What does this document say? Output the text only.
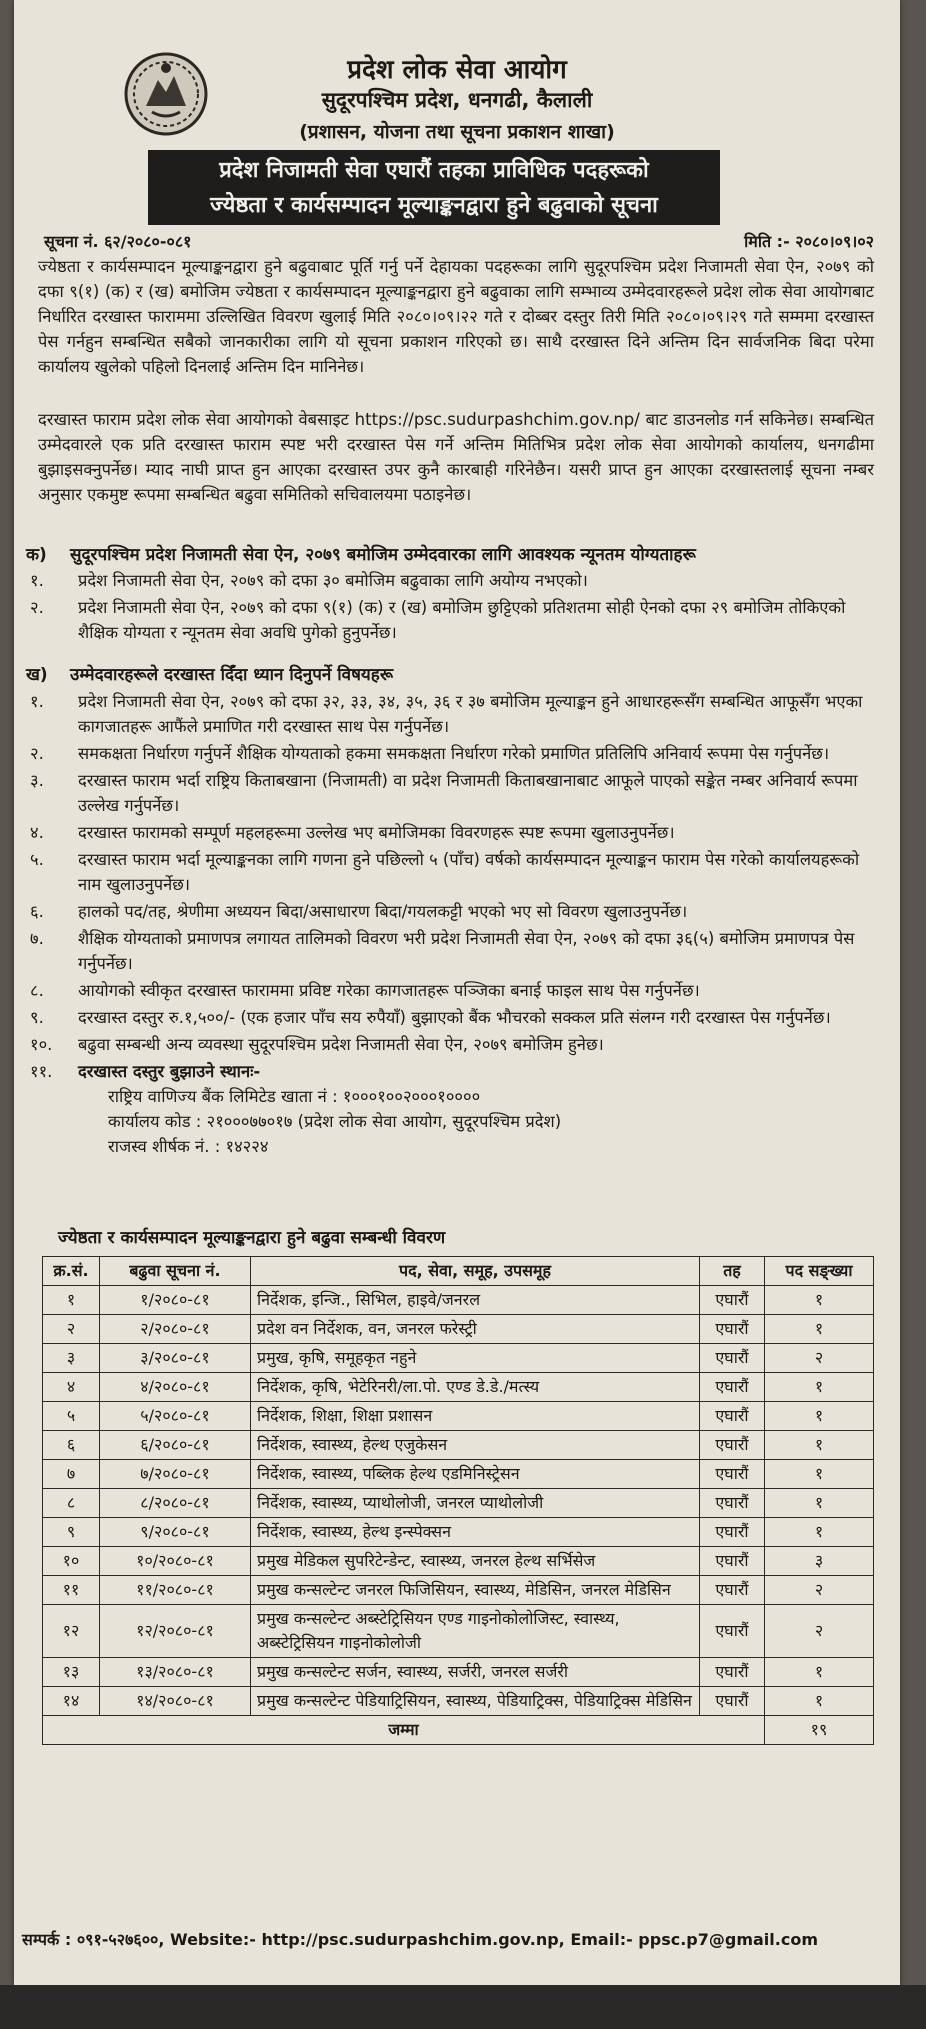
प्रदेश लोक सेवा आयोग
सुदूरपश्चिम प्रदेश, धनगढी, कैलाली
(प्रशासन, योजना तथा सूचना प्रकाशन शाखा)
प्रदेश निजामती सेवा एघारौं तहका प्राविधिक पदहरूको
ज्येष्ठता र कार्यसम्पादन मूल्याङ्कनद्वारा हुने बढुवाको सूचना
सूचना नं. ६२/२०८०-०८१	मिति :- २०८०।०९।०२
ज्येष्ठता र कार्यसम्पादन मूल्याङ्कनद्वारा हुने बढुवाबाट पूर्ति गर्नु पर्ने देहायका पदहरूका लागि सुदूरपश्चिम प्रदेश निजामती सेवा ऐन, २०७९ को दफा ९(१) (क) र (ख) बमोजिम ज्येष्ठता र कार्यसम्पादन मूल्याङ्कनद्वारा हुने बढुवाका लागि सम्भाव्य उम्मेदवारहरूले प्रदेश लोक सेवा आयोगबाट निर्धारित दरखास्त फाराममा उल्लिखित विवरण खुलाई मिति २०८०।०९।२२ गते र दोब्बर दस्तुर तिरी मिति २०८०।०९।२९ गते सम्ममा दरखास्त पेस गर्नहुन सम्बन्धित सबैको जानकारीका लागि यो सूचना प्रकाशन गरिएको छ। साथै दरखास्त दिने अन्तिम दिन सार्वजनिक बिदा परेमा कार्यालय खुलेको पहिलो दिनलाई अन्तिम दिन मानिनेछ।
दरखास्त फाराम प्रदेश लोक सेवा आयोगको वेबसाइट https://psc.sudurpashchim.gov.np/ बाट डाउनलोड गर्न सकिनेछ। सम्बन्धित उम्मेदवारले एक प्रति दरखास्त फाराम स्पष्ट भरी दरखास्त पेस गर्ने अन्तिम मितिभित्र प्रदेश लोक सेवा आयोगको कार्यालय, धनगढीमा बुझाइसक्नुपर्नेछ। म्याद नाघी प्राप्त हुन आएका दरखास्त उपर कुनै कारबाही गरिनेछैन। यसरी प्राप्त हुन आएका दरखास्तलाई सूचना नम्बर अनुसार एकमुष्ट रूपमा सम्बन्धित बढुवा समितिको सचिवालयमा पठाइनेछ।
क) सुदूरपश्चिम प्रदेश निजामती सेवा ऐन, २०७९ बमोजिम उम्मेदवारका लागि आवश्यक न्यूनतम योग्यताहरू
१. प्रदेश निजामती सेवा ऐन, २०७९ को दफा ३० बमोजिम बढुवाका लागि अयोग्य नभएको।
२. प्रदेश निजामती सेवा ऐन, २०७९ को दफा ९(१) (क) र (ख) बमोजिम छुट्टिएको प्रतिशतमा सोही ऐनको दफा २९ बमोजिम तोकिएको शैक्षिक योग्यता र न्यूनतम सेवा अवधि पुगेको हुनुपर्नेछ।
ख) उम्मेदवारहरूले दरखास्त दिँदा ध्यान दिनुपर्ने विषयहरू
१. प्रदेश निजामती सेवा ऐन, २०७९ को दफा ३२, ३३, ३४, ३५, ३६ र ३७ बमोजिम मूल्याङ्कन हुने आधारहरूसँग सम्बन्धित आफूसँग भएका कागजातहरू आफैंले प्रमाणित गरी दरखास्त साथ पेस गर्नुपर्नेछ।
२. समकक्षता निर्धारण गर्नुपर्ने शैक्षिक योग्यताको हकमा समकक्षता निर्धारण गरेको प्रमाणित प्रतिलिपि अनिवार्य रूपमा पेस गर्नुपर्नेछ।
३. दरखास्त फाराम भर्दा राष्ट्रिय किताबखाना (निजामती) वा प्रदेश निजामती किताबखानाबाट आफूले पाएको सङ्केत नम्बर अनिवार्य रूपमा उल्लेख गर्नुपर्नेछ।
४. दरखास्त फारामको सम्पूर्ण महलहरूमा उल्लेख भए बमोजिमका विवरणहरू स्पष्ट रूपमा खुलाउनुपर्नेछ।
५. दरखास्त फाराम भर्दा मूल्याङ्कनका लागि गणना हुने पछिल्लो ५ (पाँच) वर्षको कार्यसम्पादन मूल्याङ्कन फाराम पेस गरेको कार्यालयहरूको नाम खुलाउनुपर्नेछ।
६. हालको पद/तह, श्रेणीमा अध्ययन बिदा/असाधारण बिदा/गयलकट्टी भएको भए सो विवरण खुलाउनुपर्नेछ।
७. शैक्षिक योग्यताको प्रमाणपत्र लगायत तालिमको विवरण भरी प्रदेश निजामती सेवा ऐन, २०७९ को दफा ३६(५) बमोजिम प्रमाणपत्र पेस गर्नुपर्नेछ।
८. आयोगको स्वीकृत दरखास्त फाराममा प्रविष्ट गरेका कागजातहरू पञ्जिका बनाई फाइल साथ पेस गर्नुपर्नेछ।
९. दरखास्त दस्तुर रु.१,५००/- (एक हजार पाँच सय रुपैयाँ) बुझाएको बैंक भौचरको सक्कल प्रति संलग्न गरी दरखास्त पेस गर्नुपर्नेछ।
१०. बढुवा सम्बन्धी अन्य व्यवस्था सुदूरपश्चिम प्रदेश निजामती सेवा ऐन, २०७९ बमोजिम हुनेछ।
११. दरखास्त दस्तुर बुझाउने स्थानः-
राष्ट्रिय वाणिज्य बैंक लिमिटेड खाता नं : १०००१००२०००१००००
कार्यालय कोड : २१०००७७०१७ (प्रदेश लोक सेवा आयोग, सुदूरपश्चिम प्रदेश)
राजस्व शीर्षक नं. : १४२२४
ज्येष्ठता र कार्यसम्पादन मूल्याङ्कनद्वारा हुने बढुवा सम्बन्धी विवरण
क्र.सं.	बढुवा सूचना नं.	पद, सेवा, समूह, उपसमूह	तह	पद सङ्ख्या
१	१/२०८०-८१	निर्देशक, इन्जि., सिभिल, हाइवे/जनरल	एघारौं	१
२	२/२०८०-८१	प्रदेश वन निर्देशक, वन, जनरल फरेस्ट्री	एघारौं	१
३	३/२०८०-८१	प्रमुख, कृषि, समूहकृत नहुने	एघारौं	२
४	४/२०८०-८१	निर्देशक, कृषि, भेटेरिनरी/ला.पो. एण्ड डे.डे./मत्स्य	एघारौं	१
५	५/२०८०-८१	निर्देशक, शिक्षा, शिक्षा प्रशासन	एघारौं	१
६	६/२०८०-८१	निर्देशक, स्वास्थ्य, हेल्थ एजुकेसन	एघारौं	१
७	७/२०८०-८१	निर्देशक, स्वास्थ्य, पब्लिक हेल्थ एडमिनिस्ट्रेसन	एघारौं	१
८	८/२०८०-८१	निर्देशक, स्वास्थ्य, प्याथोलोजी, जनरल प्याथोलोजी	एघारौं	१
९	९/२०८०-८१	निर्देशक, स्वास्थ्य, हेल्थ इन्स्पेक्सन	एघारौं	१
१०	१०/२०८०-८१	प्रमुख मेडिकल सुपरिटेन्डेन्ट, स्वास्थ्य, जनरल हेल्थ सर्भिसेज	एघारौं	३
११	११/२०८०-८१	प्रमुख कन्सल्टेन्ट जनरल फिजिसियन, स्वास्थ्य, मेडिसिन, जनरल मेडिसिन	एघारौं	२
१२	१२/२०८०-८१	प्रमुख कन्सल्टेन्ट अब्स्टेट्रिसियन एण्ड गाइनोकोलोजिस्ट, स्वास्थ्य, अब्स्टेट्रिसियन गाइनोकोलोजी	एघारौं	२
१३	१३/२०८०-८१	प्रमुख कन्सल्टेन्ट सर्जन, स्वास्थ्य, सर्जरी, जनरल सर्जरी	एघारौं	१
१४	१४/२०८०-८१	प्रमुख कन्सल्टेन्ट पेडियाट्रिसियन, स्वास्थ्य, पेडियाट्रिक्स, पेडियाट्रिक्स मेडिसिन	एघारौं	१
जम्मा				१९
सम्पर्क : ०९१-५२७६००, Website:- http://psc.sudurpashchim.gov.np, Email:- ppsc.p7@gmail.com
